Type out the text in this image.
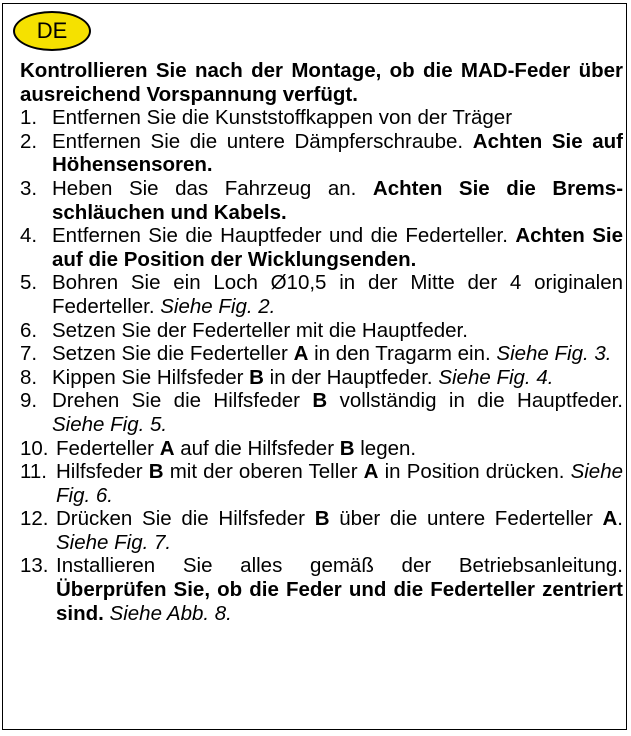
DE
Kontrollieren Sie nach der Montage, ob die MAD-Feder über ausreichend Vorspannung verfügt.
1. Entfernen Sie die Kunststoffkappen von der Träger
2. Entfernen Sie die untere Dämpferschraube. Achten Sie auf Höhensensoren.
3. Heben Sie das Fahrzeug an. Achten Sie die Bremsschläuchen und Kabels.
4. Entfernen Sie die Hauptfeder und die Federteller. Achten Sie auf die Position der Wicklungsenden.
5. Bohren Sie ein Loch Ø10,5 in der Mitte der 4 originalen Federteller. Siehe Fig. 2.
6. Setzen Sie der Federteller mit die Hauptfeder.
7. Setzen Sie die Federteller A in den Tragarm ein. Siehe Fig. 3.
8. Kippen Sie Hilfsfeder B in der Hauptfeder. Siehe Fig. 4.
9. Drehen Sie die Hilfsfeder B vollständig in die Hauptfeder. Siehe Fig. 5.
10. Federteller A auf die Hilfsfeder B legen.
11. Hilfsfeder B mit der oberen Teller A in Position drücken. Siehe Fig. 6.
12. Drücken Sie die Hilfsfeder B über die untere Federteller A. Siehe Fig. 7.
13. Installieren Sie alles gemäß der Betriebsanleitung. Überprüfen Sie, ob die Feder und die Federteller zentriert sind. Siehe Abb. 8.
